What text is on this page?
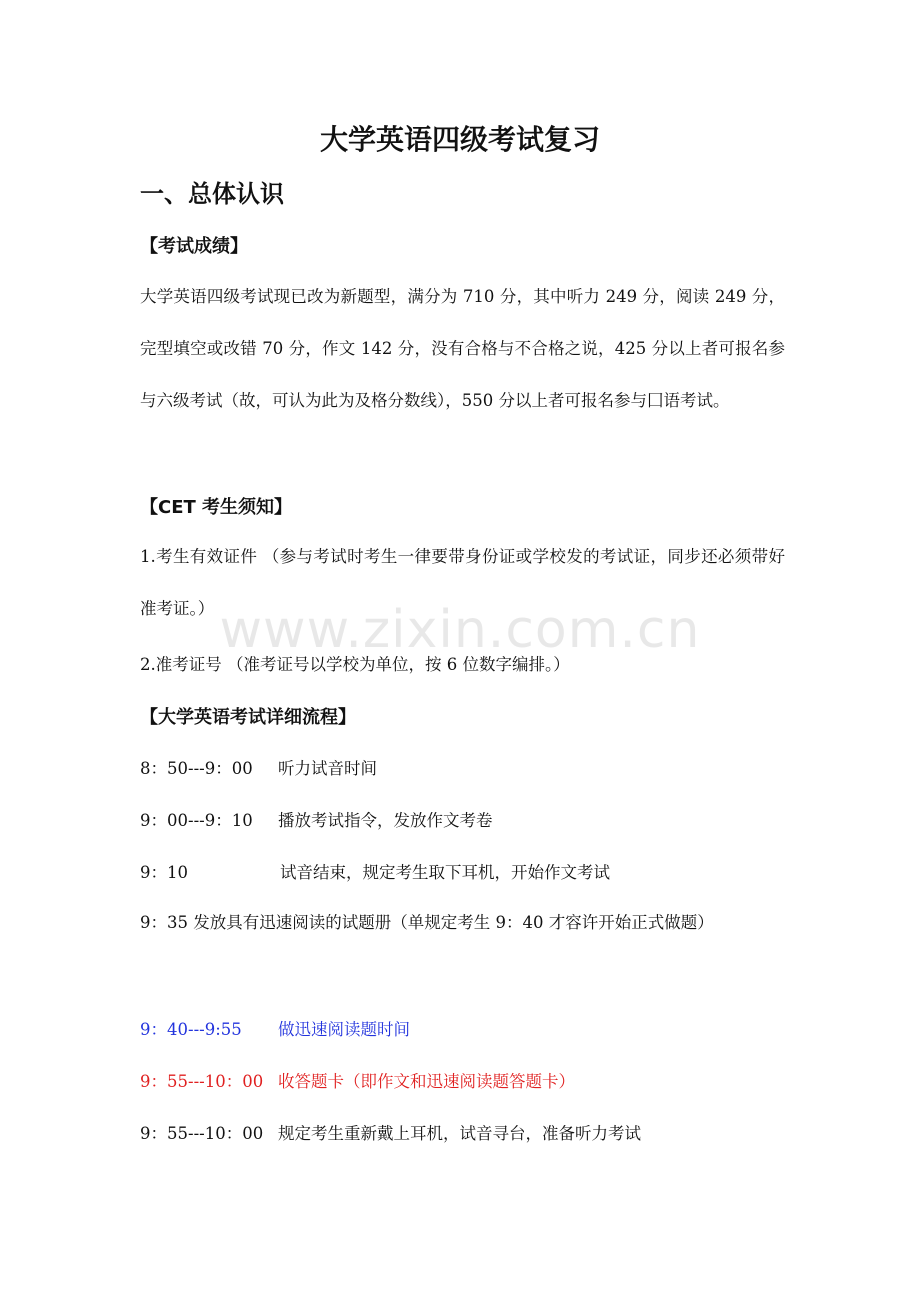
大学英语四级考试复习
一、总体认识
【考试成绩】

大学英语四级考试现已改为新题型，满分为 710 分，其中听力 249 分，阅读 249 分，完型填空或改错 70 分，作文 142 分，没有合格与不合格之说，425 分以上者可报名参与六级考试（故，可认为此为及格分数线），550 分以上者可报名参与囗语考试。

【CET 考生须知】

1.考生有效证件 （参与考试时考生一律要带身份证或学校发的考试证，同步还必须带好准考证。）

2.准考证号 （准考证号以学校为单位，按 6 位数字编排。）

【大学英语考试详细流程】

8：50---9：00 听力试音时间

9：00---9：10 播放考试指令，发放作文考卷

9：10	试音结束，规定考生取下耳机，开始作文考试

9：35 发放具有迅速阅读的试题册（单规定考生 9：40 才容许开始正式做题）

9：40---9:55 做迅速阅读题时间

9：55---10：00 收答题卡（即作文和迅速阅读题答题卡）

9：55---10：00 规定考生重新戴上耳机，试音寻台，准备听力考试

www.zixin.com.cn
